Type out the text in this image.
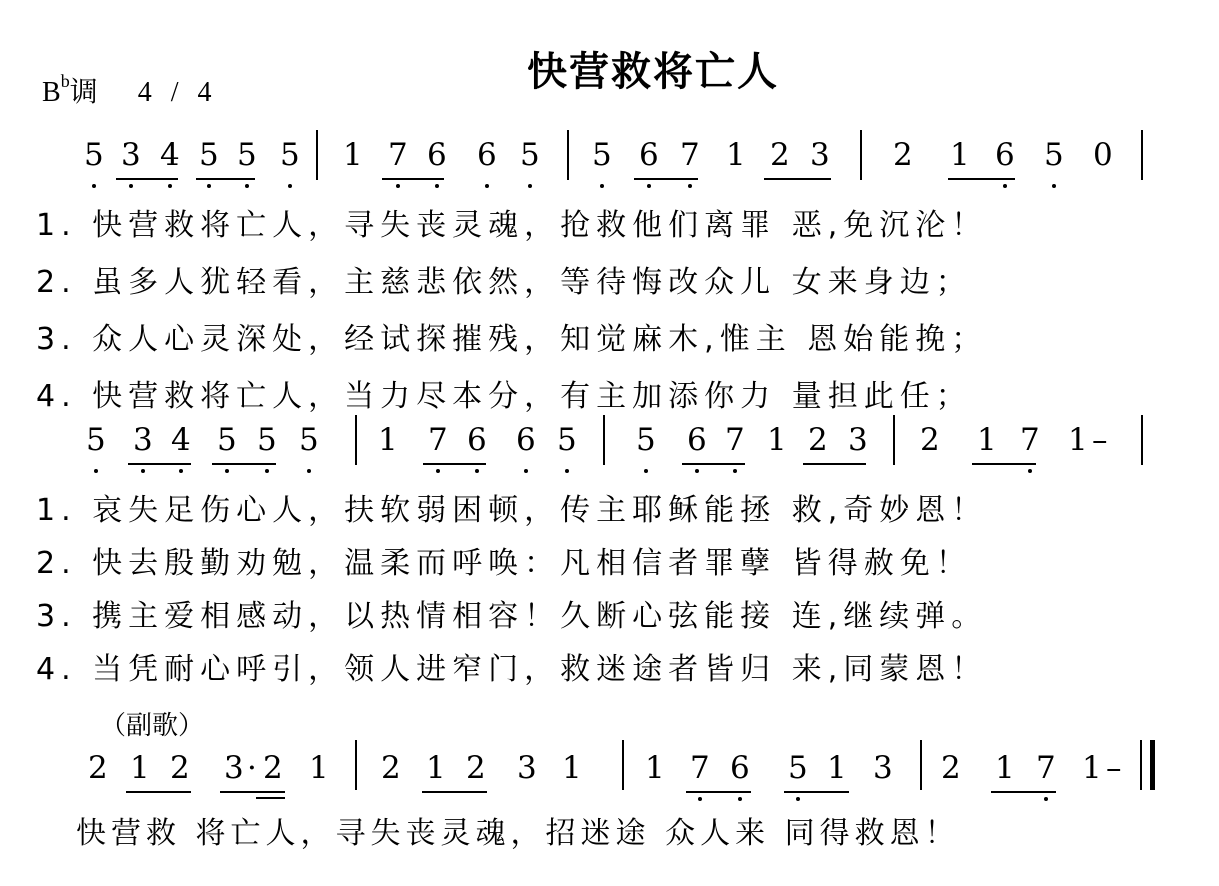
快营救将亡人
$B^b$调 4 / 4
5 3 4 5 5 5 1 7 6 6 5 5 6 7 1 2 3 2 1 6 5 0
1. 快营救将亡人，寻失丧灵魂，抢救他们离罪 恶,免沉沦！
2. 虽多人犹轻看，主慈悲依然，等待悔改众儿 女来身边；
3. 众人心灵深处，经试探摧残，知觉麻木,惟主 恩始能挽；
4. 快营救将亡人，当力尽本分，有主加添你力 量担此任；
5 3 4 5 5 5 1 7 6 6 5 5 6 7 1 2 3 2 1 7 1 –
1. 哀失足伤心人，扶软弱困顿，传主耶稣能拯 救,奇妙恩！
2. 快去殷勤劝勉，温柔而呼唤：凡相信者罪孽 皆得赦免！
3. 携主爱相感动，以热情相容！久断心弦能接 连,继续弹。
4. 当凭耐心呼引，领人进窄门，救迷途者皆归 来,同蒙恩！
（副歌）
2 1 2 3 · 2 1 2 1 2 3 1 1 7 6 5 1 3 2 1 7 1 –
快营救 将亡人，寻失丧灵魂，招迷途 众人来 同得救恩！
